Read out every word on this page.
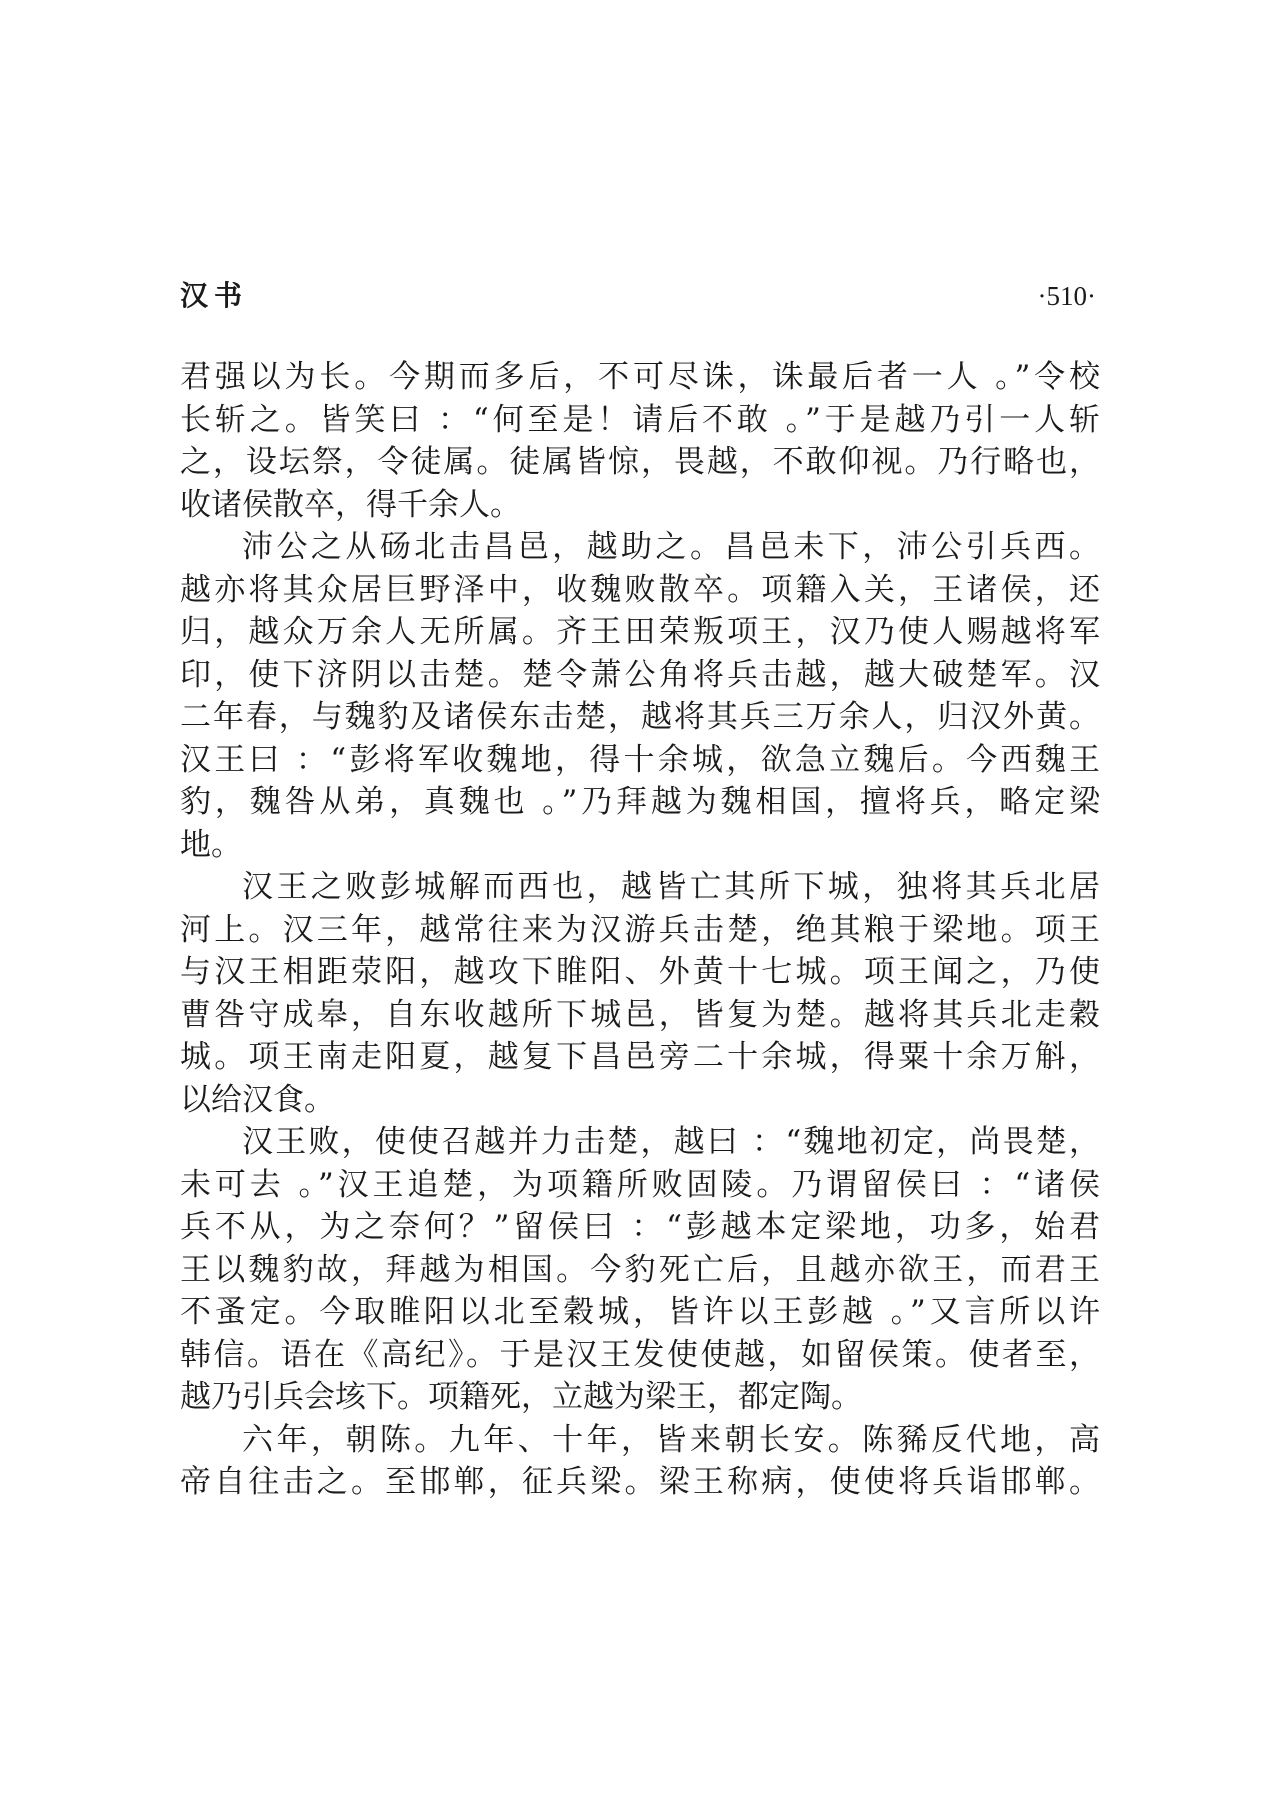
汉书	·510·
君强以为长。今期而多后，不可尽诛，诛最后者一人 。”令校
长斩之。皆笑曰 ：“何至是！请后不敢 。”于是越乃引一人斩
之，设坛祭，令徒属。徒属皆惊，畏越，不敢仰视。乃行略也，
收诸侯散卒，得千余人。
沛公之从砀北击昌邑，越助之。昌邑未下，沛公引兵西。
越亦将其众居巨野泽中，收魏败散卒。项籍入关，王诸侯，还
归，越众万余人无所属。齐王田荣叛项王，汉乃使人赐越将军
印，使下济阴以击楚。楚令萧公角将兵击越，越大破楚军。汉
二年春，与魏豹及诸侯东击楚，越将其兵三万余人，归汉外黄。
汉王曰 ：“彭将军收魏地，得十余城，欲急立魏后。今西魏王
豹，魏咎从弟，真魏也 。”乃拜越为魏相国，擅将兵，略定梁
地。
汉王之败彭城解而西也，越皆亡其所下城，独将其兵北居
河上。汉三年，越常往来为汉游兵击楚，绝其粮于梁地。项王
与汉王相距荥阳，越攻下睢阳、外黄十七城。项王闻之，乃使
曹咎守成皋，自东收越所下城邑，皆复为楚。越将其兵北走穀
城。项王南走阳夏，越复下昌邑旁二十余城，得粟十余万斛，
以给汉食。
汉王败，使使召越并力击楚，越曰 ：“魏地初定，尚畏楚，
未可去 。”汉王追楚，为项籍所败固陵。乃谓留侯曰 ：“诸侯
兵不从，为之奈何？”留侯曰 ：“彭越本定梁地，功多，始君
王以魏豹故，拜越为相国。今豹死亡后，且越亦欲王，而君王
不蚤定。今取睢阳以北至穀城，皆许以王彭越 。”又言所以许
韩信。语在《高纪》。于是汉王发使使越，如留侯策。使者至，
越乃引兵会垓下。项籍死，立越为梁王，都定陶。
六年，朝陈。九年、十年，皆来朝长安。陈豨反代地，高
帝自往击之。至邯郸，征兵梁。梁王称病，使使将兵诣邯郸。
